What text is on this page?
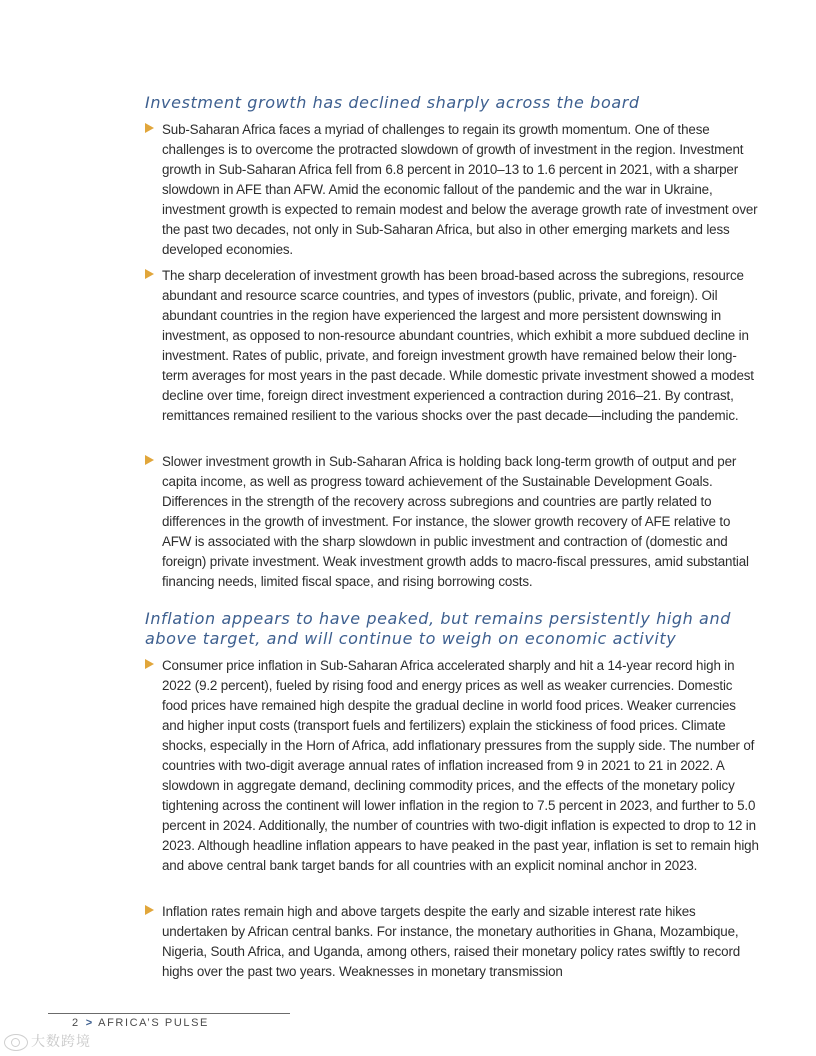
Investment growth has declined sharply across the board
Sub-Saharan Africa faces a myriad of challenges to regain its growth momentum. One of these challenges is to overcome the protracted slowdown of growth of investment in the region. Investment growth in Sub-Saharan Africa fell from 6.8 percent in 2010–13 to 1.6 percent in 2021, with a sharper slowdown in AFE than AFW. Amid the economic fallout of the pandemic and the war in Ukraine, investment growth is expected to remain modest and below the average growth rate of investment over the past two decades, not only in Sub-Saharan Africa, but also in other emerging markets and less developed economies.
The sharp deceleration of investment growth has been broad-based across the subregions, resource abundant and resource scarce countries, and types of investors (public, private, and foreign). Oil abundant countries in the region have experienced the largest and more persistent downswing in investment, as opposed to non-resource abundant countries, which exhibit a more subdued decline in investment. Rates of public, private, and foreign investment growth have remained below their long-term averages for most years in the past decade. While domestic private investment showed a modest decline over time, foreign direct investment experienced a contraction during 2016–21. By contrast, remittances remained resilient to the various shocks over the past decade—including the pandemic.
Slower investment growth in Sub-Saharan Africa is holding back long-term growth of output and per capita income, as well as progress toward achievement of the Sustainable Development Goals. Differences in the strength of the recovery across subregions and countries are partly related to differences in the growth of investment. For instance, the slower growth recovery of AFE relative to AFW is associated with the sharp slowdown in public investment and contraction of (domestic and foreign) private investment. Weak investment growth adds to macro-fiscal pressures, amid substantial financing needs, limited fiscal space, and rising borrowing costs.
Inflation appears to have peaked, but remains persistently high and above target, and will continue to weigh on economic activity
Consumer price inflation in Sub-Saharan Africa accelerated sharply and hit a 14-year record high in 2022 (9.2 percent), fueled by rising food and energy prices as well as weaker currencies. Domestic food prices have remained high despite the gradual decline in world food prices. Weaker currencies and higher input costs (transport fuels and fertilizers) explain the stickiness of food prices. Climate shocks, especially in the Horn of Africa, add inflationary pressures from the supply side. The number of countries with two-digit average annual rates of inflation increased from 9 in 2021 to 21 in 2022. A slowdown in aggregate demand, declining commodity prices, and the effects of the monetary policy tightening across the continent will lower inflation in the region to 7.5 percent in 2023, and further to 5.0 percent in 2024. Additionally, the number of countries with two-digit inflation is expected to drop to 12 in 2023. Although headline inflation appears to have peaked in the past year, inflation is set to remain high and above central bank target bands for all countries with an explicit nominal anchor in 2023.
Inflation rates remain high and above targets despite the early and sizable interest rate hikes undertaken by African central banks. For instance, the monetary authorities in Ghana, Mozambique, Nigeria, South Africa, and Uganda, among others, raised their monetary policy rates swiftly to record highs over the past two years. Weaknesses in monetary transmission
2 > AFRICA’S PULSE
大数跨境
